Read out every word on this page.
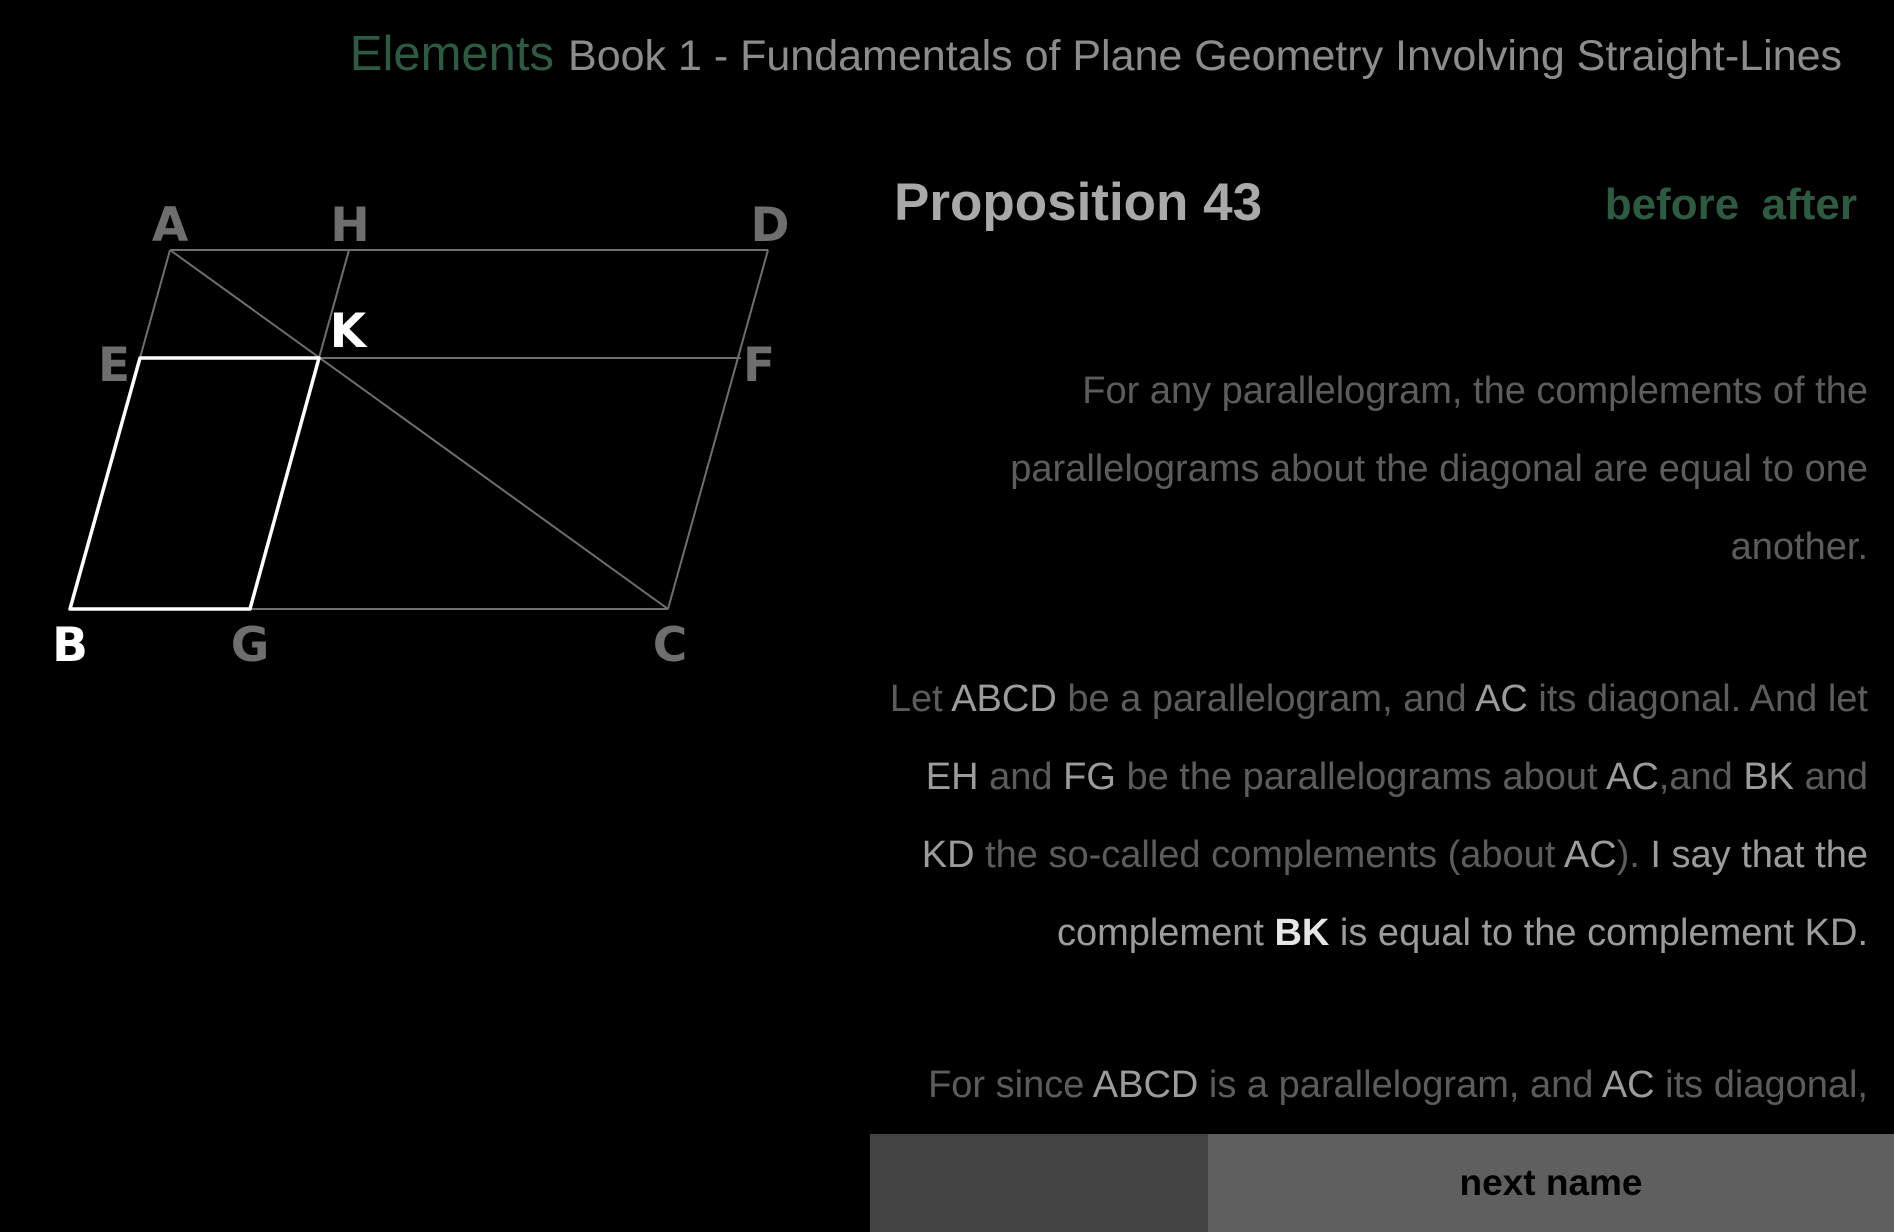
Elements Book 1 - Fundamentals of Plane Geometry Involving Straight-Lines
A	H	D
K
E	F
B	G	C
Proposition 43	before after

For any parallelogram, the complements of the parallelograms about the diagonal are equal to one another.

Let ABCD be a parallelogram, and AC its diagonal. And let EH and FG be the parallelograms about AC,and BK and KD the so-called complements (about AC). I say that the complement BK is equal to the complement KD.

For since ABCD is a parallelogram, and AC its diagonal,

next name
